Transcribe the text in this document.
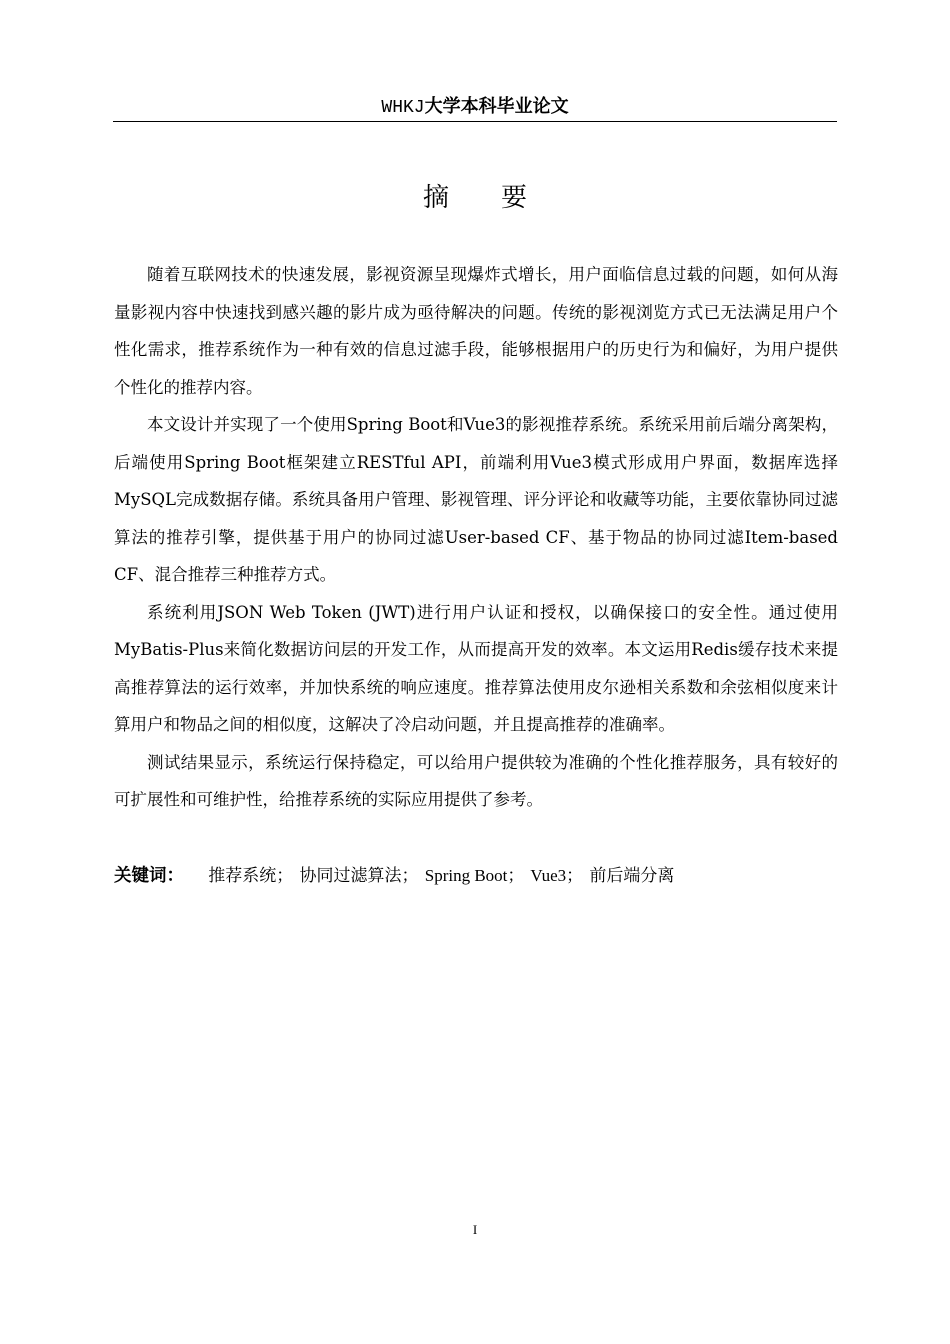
WHKJ大学本科毕业论文
摘要

随着互联网技术的快速发展，影视资源呈现爆炸式增长，用户面临信息过载的问题，如何从海量影视内容中快速找到感兴趣的影片成为亟待解决的问题。传统的影视浏览方式已无法满足用户个性化需求，推荐系统作为一种有效的信息过滤手段，能够根据用户的历史行为和偏好，为用户提供个性化的推荐内容。

本文设计并实现了一个使用Spring Boot和Vue3的影视推荐系统。系统采用前后端分离架构，后端使用Spring Boot框架建立RESTful API，前端利用Vue3模式形成用户界面，数据库选择MySQL完成数据存储。系统具备用户管理、影视管理、评分评论和收藏等功能，主要依靠协同过滤算法的推荐引擎，提供基于用户的协同过滤User-based CF、基于物品的协同过滤Item-based CF、混合推荐三种推荐方式。

系统利用JSON Web Token (JWT)进行用户认证和授权，以确保接口的安全性。通过使用MyBatis-Plus来简化数据访问层的开发工作，从而提高开发的效率。本文运用Redis缓存技术来提高推荐算法的运行效率，并加快系统的响应速度。推荐算法使用皮尔逊相关系数和余弦相似度来计算用户和物品之间的相似度，这解决了冷启动问题，并且提高推荐的准确率。

测试结果显示，系统运行保持稳定，可以给用户提供较为准确的个性化推荐服务，具有较好的可扩展性和可维护性，给推荐系统的实际应用提供了参考。

关键词： 推荐系统； 协同过滤算法； Spring Boot； Vue3； 前后端分离
I
